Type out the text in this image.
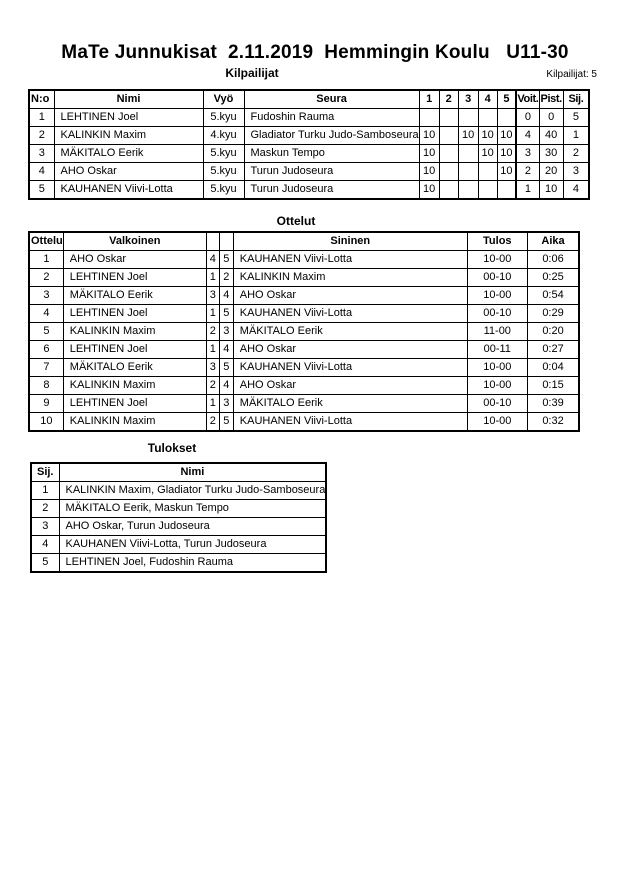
MaTe Junnukisat  2.11.2019  Hemmingin Koulu   U11-30
Kilpailijat	Kilpailijat: 5
N:o	Nimi	Vyö	Seura	1	2	3	4	5	Voit.	Pist.	Sij.
1	LEHTINEN Joel	5.kyu	Fudoshin Rauma						0	0	5
2	KALINKIN Maxim	4.kyu	Gladiator Turku Judo-Samboseura	10		10	10	10	4	40	1
3	MÄKITALO Eerik	5.kyu	Maskun Tempo	10			10	10	3	30	2
4	AHO Oskar	5.kyu	Turun Judoseura	10				10	2	20	3
5	KAUHANEN Viivi-Lotta	5.kyu	Turun Judoseura	10					1	10	4
Ottelut
Ottelu	Valkoinen			Sininen	Tulos	Aika
1	AHO Oskar	4	5	KAUHANEN Viivi-Lotta	10-00	0:06
2	LEHTINEN Joel	1	2	KALINKIN Maxim	00-10	0:25
3	MÄKITALO Eerik	3	4	AHO Oskar	10-00	0:54
4	LEHTINEN Joel	1	5	KAUHANEN Viivi-Lotta	00-10	0:29
5	KALINKIN Maxim	2	3	MÄKITALO Eerik	11-00	0:20
6	LEHTINEN Joel	1	4	AHO Oskar	00-11	0:27
7	MÄKITALO Eerik	3	5	KAUHANEN Viivi-Lotta	10-00	0:04
8	KALINKIN Maxim	2	4	AHO Oskar	10-00	0:15
9	LEHTINEN Joel	1	3	MÄKITALO Eerik	00-10	0:39
10	KALINKIN Maxim	2	5	KAUHANEN Viivi-Lotta	10-00	0:32
Tulokset
Sij.	Nimi
1	KALINKIN Maxim, Gladiator Turku Judo-Samboseura
2	MÄKITALO Eerik, Maskun Tempo
3	AHO Oskar, Turun Judoseura
4	KAUHANEN Viivi-Lotta, Turun Judoseura
5	LEHTINEN Joel, Fudoshin Rauma
